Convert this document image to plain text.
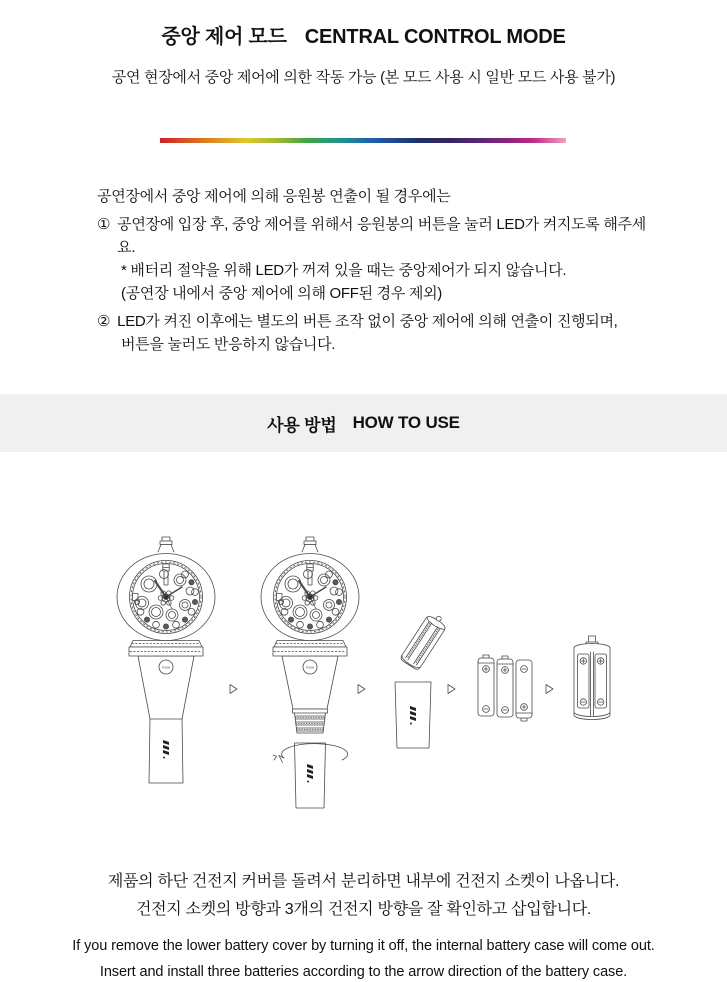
중앙 제어 모드 CENTRAL CONTROL MODE
공연 현장에서 중앙 제어에 의한 작동 가능 (본 모드 사용 시 일반 모드 사용 불가)
공연장에서 중앙 제어에 의해 응원봉 연출이 될 경우에는
① 공연장에 입장 후, 중앙 제어를 위해서 응원봉의 버튼을 눌러 LED가 켜지도록 해주세요.
* 배터리 절약을 위해 LED가 꺼져 있을 때는 중앙제어가 되지 않습니다.
(공연장 내에서 중앙 제어에 의해 OFF된 경우 제외)
② LED가 켜진 이후에는 별도의 버튼 조작 없이 중앙 제어에 의해 연출이 진행되며,
버튼을 눌러도 반응하지 않습니다.
사용 방법 HOW TO USE
PUSH	PUSH
제품의 하단 건전지 커버를 돌려서 분리하면 내부에 건전지 소켓이 나옵니다.
건전지 소켓의 방향과 3개의 건전지 방향을 잘 확인하고 삽입합니다.
If you remove the lower battery cover by turning it off, the internal battery case will come out.
Insert and install three batteries according to the arrow direction of the battery case.
